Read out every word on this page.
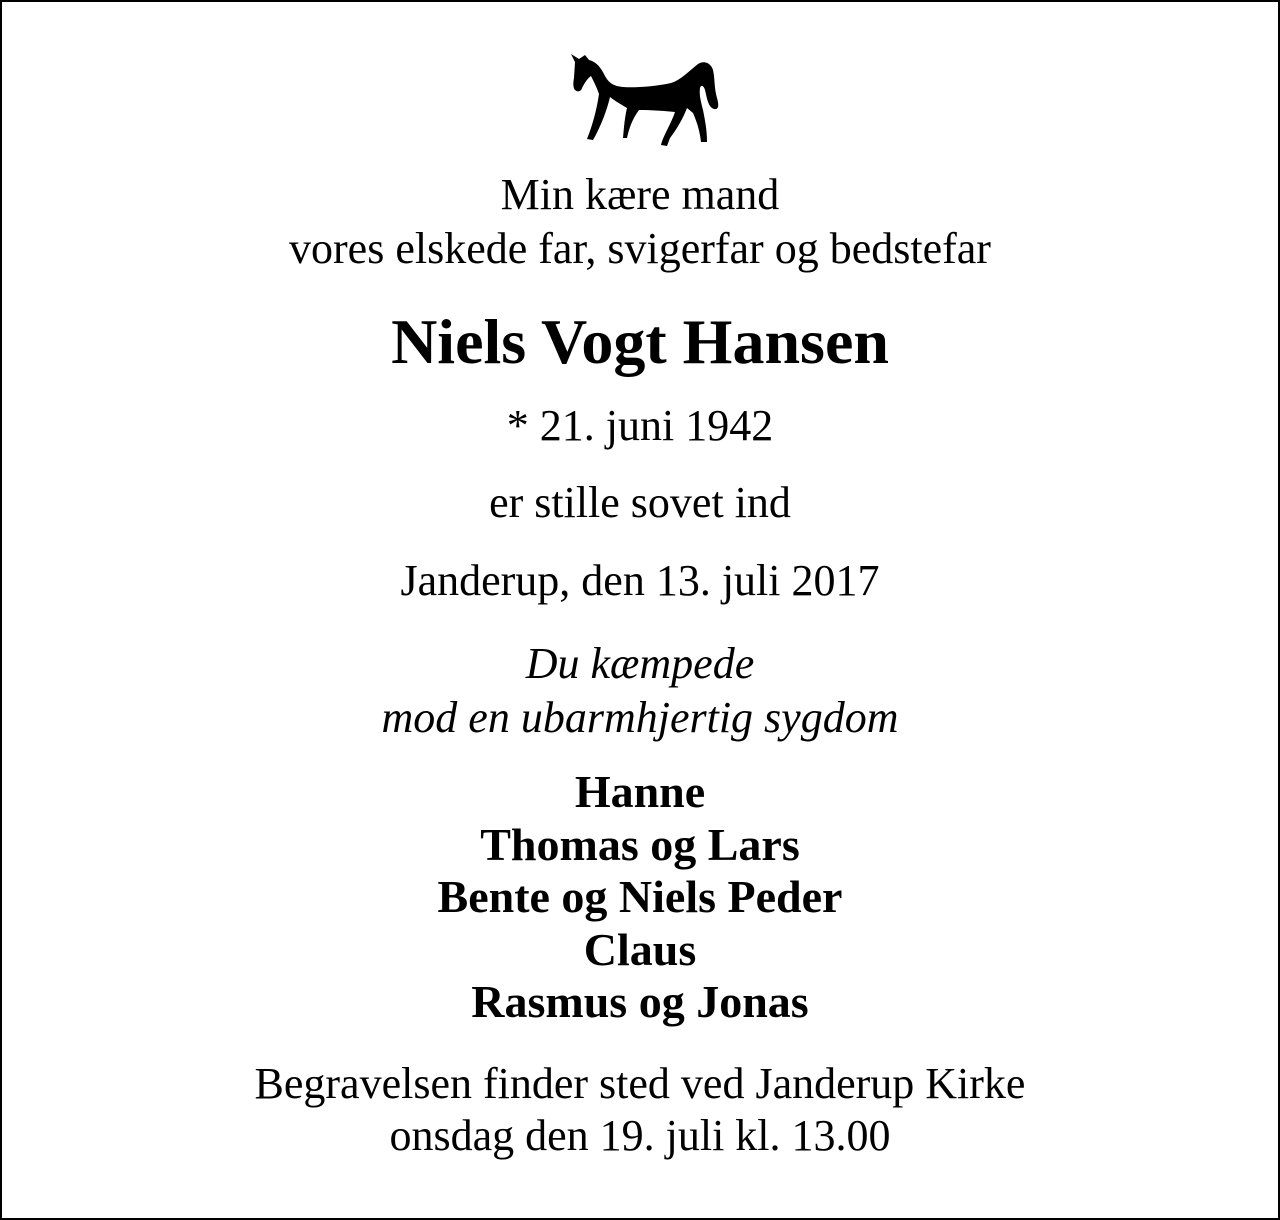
Min kære mand
vores elskede far, svigerfar og bedstefar
Niels Vogt Hansen
* 21. juni 1942
er stille sovet ind
Janderup, den 13. juli 2017
Du kæmpede
mod en ubarmhjertig sygdom
Hanne
Thomas og Lars
Bente og Niels Peder
Claus
Rasmus og Jonas
Begravelsen finder sted ved Janderup Kirke
onsdag den 19. juli kl. 13.00
